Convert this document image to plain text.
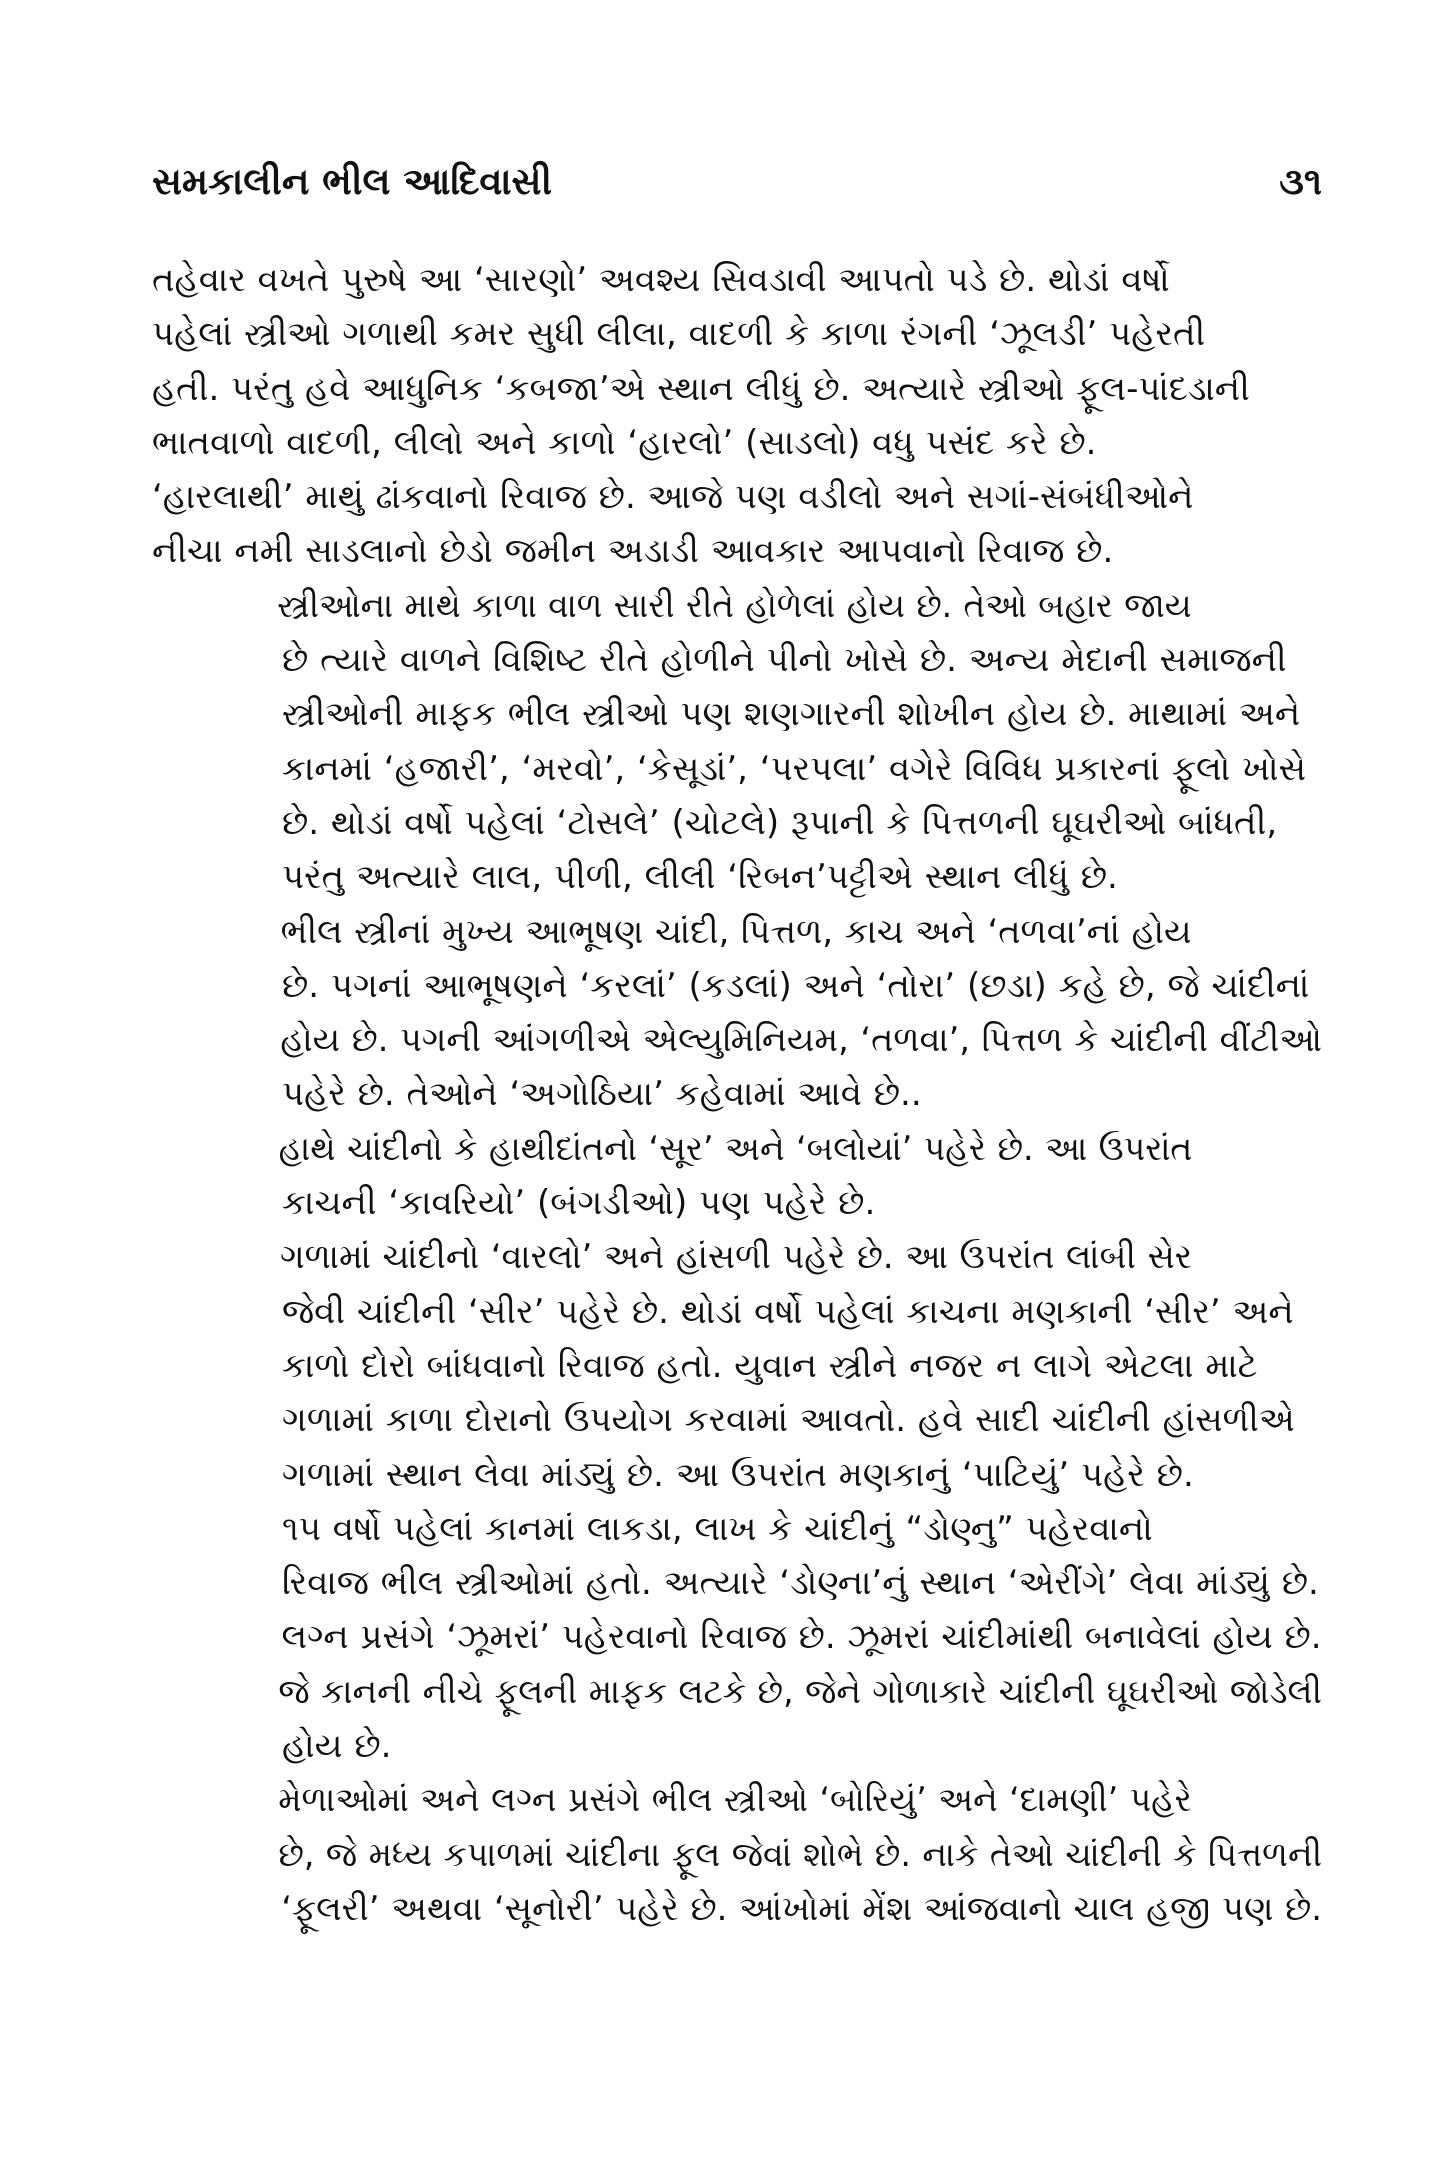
સમકાલીન ભીલ આદિવાસી	૩૧

તહેવાર વખતે પુરુષે આ ‘સારણો’ અવશ્ય સિવડાવી આપતો પડે છે. થોડાં વર્ષો
પહેલાં સ્ત્રીઓ ગળાથી કમર સુધી લીલા, વાદળી કે કાળા રંગની ‘ઝૂલડી’ પહેરતી
હતી. પરંતુ હવે આધુનિક ‘કબજા’એ સ્થાન લીધું છે. અત્યારે સ્ત્રીઓ ફૂલ-પાંદડાની
ભાતવાળો વાદળી, લીલો અને કાળો ‘હારલો’ (સાડલો) વધુ પસંદ કરે છે.
‘હારલાથી’ માથું ઢાંકવાનો રિવાજ છે. આજે પણ વડીલો અને સગાં-સંબંધીઓને
નીચા નમી સાડલાનો છેડો જમીન અડાડી આવકાર આપવાનો રિવાજ છે.

સ્ત્રીઓના માથે કાળા વાળ સારી રીતે હોળેલાં હોય છે. તેઓ બહાર જાય
છે ત્યારે વાળને વિશિષ્ટ રીતે હોળીને પીનો ખોસે છે. અન્ય મેદાની સમાજની
સ્ત્રીઓની માફક ભીલ સ્ત્રીઓ પણ શણગારની શોખીન હોય છે. માથામાં અને
કાનમાં ‘હજારી’, ‘મરવો’, ‘કેસૂડાં’, ‘પરપલા’ વગેરે વિવિધ પ્રકારનાં ફૂલો ખોસે
છે. થોડાં વર્ષો પહેલાં ‘ટોસલે’ (ચોટલે) રૂપાની કે પિત્તળની ઘૂઘરીઓ બાંધતી,
પરંતુ અત્યારે લાલ, પીળી, લીલી ‘રિબન’પટ્ટીએ સ્થાન લીધું છે.

ભીલ સ્ત્રીનાં મુખ્ય આભૂષણ ચાંદી, પિત્તળ, કાચ અને ‘તળવા’નાં હોય
છે. પગનાં આભૂષણને ‘કરલાં’ (કડલાં) અને ‘તોરા’ (છડા) કહે છે, જે ચાંદીનાં
હોય છે. પગની આંગળીએ એલ્યુમિનિયમ, ‘તળવા’, પિત્તળ કે ચાંદીની વીંટીઓ
પહેરે છે. તેઓને ‘અગોઠિયા’ કહેવામાં આવે છે..

હાથે ચાંદીનો કે હાથીદાંતનો ‘સૂર’ અને ‘બલોયાં’ પહેરે છે. આ ઉપરાંત
કાચની ‘કાવરિયો’ (બંગડીઓ) પણ પહેરે છે.

ગળામાં ચાંદીનો ‘વારલો’ અને હાંસળી પહેરે છે. આ ઉપરાંત લાંબી સેર
જેવી ચાંદીની ‘સીર’ પહેરે છે. થોડાં વર્ષો પહેલાં કાચના મણકાની ‘સીર’ અને
કાળો દોરો બાંધવાનો રિવાજ હતો. યુવાન સ્ત્રીને નજર ન લાગે એટલા માટે
ગળામાં કાળા દોરાનો ઉપયોગ કરવામાં આવતો. હવે સાદી ચાંદીની હાંસળીએ
ગળામાં સ્થાન લેવા માંડ્યું છે. આ ઉપરાંત મણકાનું ‘પાટિયું’ પહેરે છે.

૧૫ વર્ષો પહેલાં કાનમાં લાકડા, લાખ કે ચાંદીનું “ડોણ્નુ” પહેરવાનો
રિવાજ ભીલ સ્ત્રીઓમાં હતો. અત્યારે ‘ડોણ્ના’નું સ્થાન ‘એરીંગે’ લેવા માંડ્યું છે.
લગ્ન પ્રસંગે ‘ઝૂમરાં’ પહેરવાનો રિવાજ છે. ઝૂમરાં ચાંદીમાંથી બનાવેલાં હોય છે.
જે કાનની નીચે ફૂલની માફક લટકે છે, જેને ગોળાકારે ચાંદીની ઘૂઘરીઓ જોડેલી
હોય છે.

મેળાઓમાં અને લગ્ન પ્રસંગે ભીલ સ્ત્રીઓ ‘બોરિયું’ અને ‘દામણી’ પહેરે
છે, જે મધ્ય કપાળમાં ચાંદીના ફૂલ જેવાં શોભે છે. નાકે તેઓ ચાંદીની કે પિત્તળની
‘ફૂલરી’ અથવા ‘સૂનોરી’ પહેરે છે. આંખોમાં મેંશ આંજવાનો ચાલ હજી પણ છે.
